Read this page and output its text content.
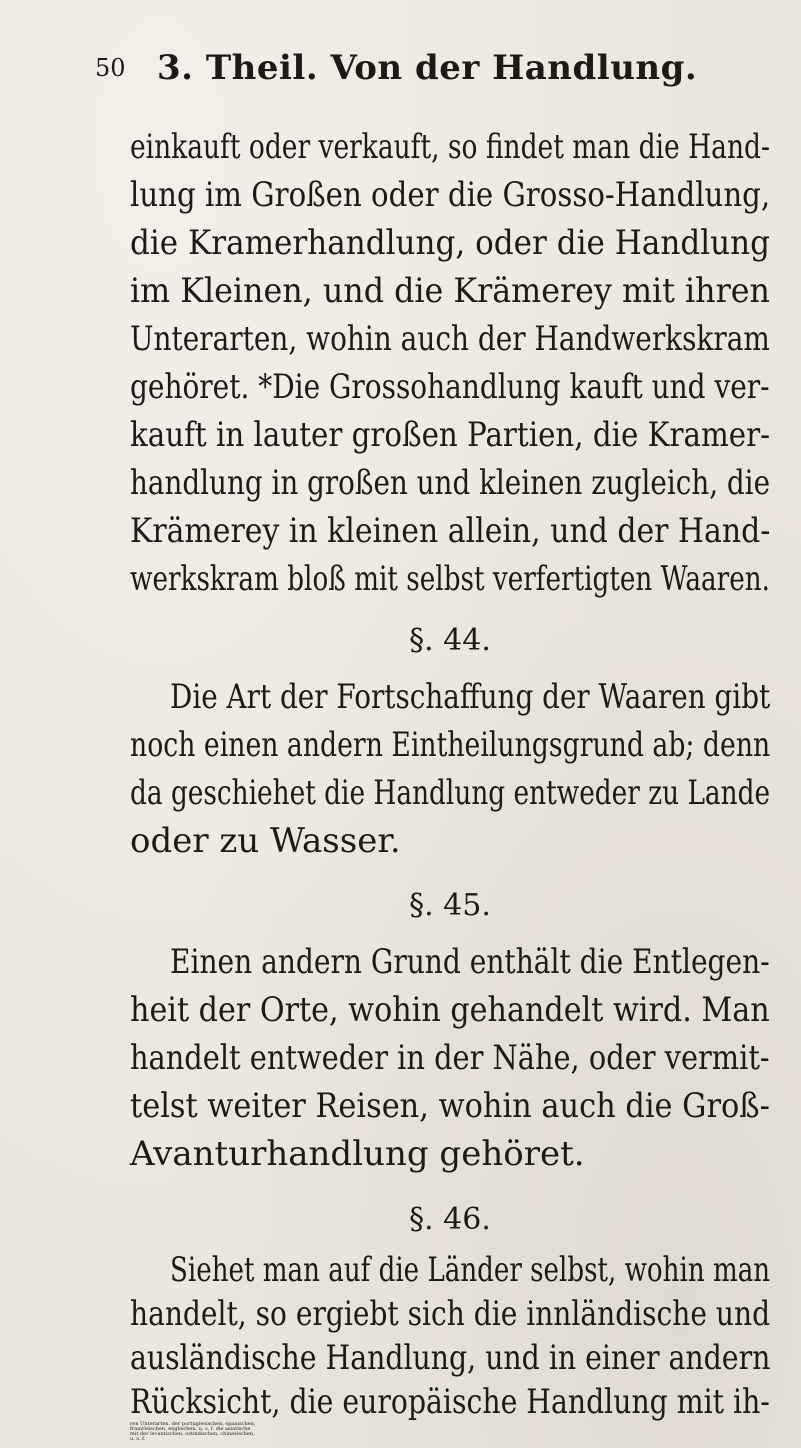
50 3. Theil. Von der Handlung.
einkauft oder verkauft, so findet man die Hand-
lung im Großen oder die Grosso-Handlung,
die Kramerhandlung, oder die Handlung
im Kleinen, und die Krämerey mit ihren
Unterarten, wohin auch der Handwerkskram
gehöret. *Die Grossohandlung kauft und ver-
kauft in lauter großen Partien, die Kramer-
handlung in großen und kleinen zugleich, die
Krämerey in kleinen allein, und der Hand-
werkskram bloß mit selbst verfertigten Waaren.
§. 44.
Die Art der Fortschaffung der Waaren gibt
noch einen andern Eintheilungsgrund ab; denn
da geschiehet die Handlung entweder zu Lande
oder zu Wasser.
§. 45.
Einen andern Grund enthält die Entlegen-
heit der Orte, wohin gehandelt wird. Man
handelt entweder in der Nähe, oder vermit-
telst weiter Reisen, wohin auch die Groß-
Avanturhandlung gehöret.
§. 46.
Siehet man auf die Länder selbst, wohin man
handelt, so ergiebt sich die innländische und
ausländische Handlung, und in einer andern
Rücksicht, die europäische Handlung mit ih-
ren Unterarten, der portugiesischen, spanischen,
französischen, englischen, u. s. f. die asiatische
mit der levantischen, ostindischen, chinesischen,
u. s. f.
